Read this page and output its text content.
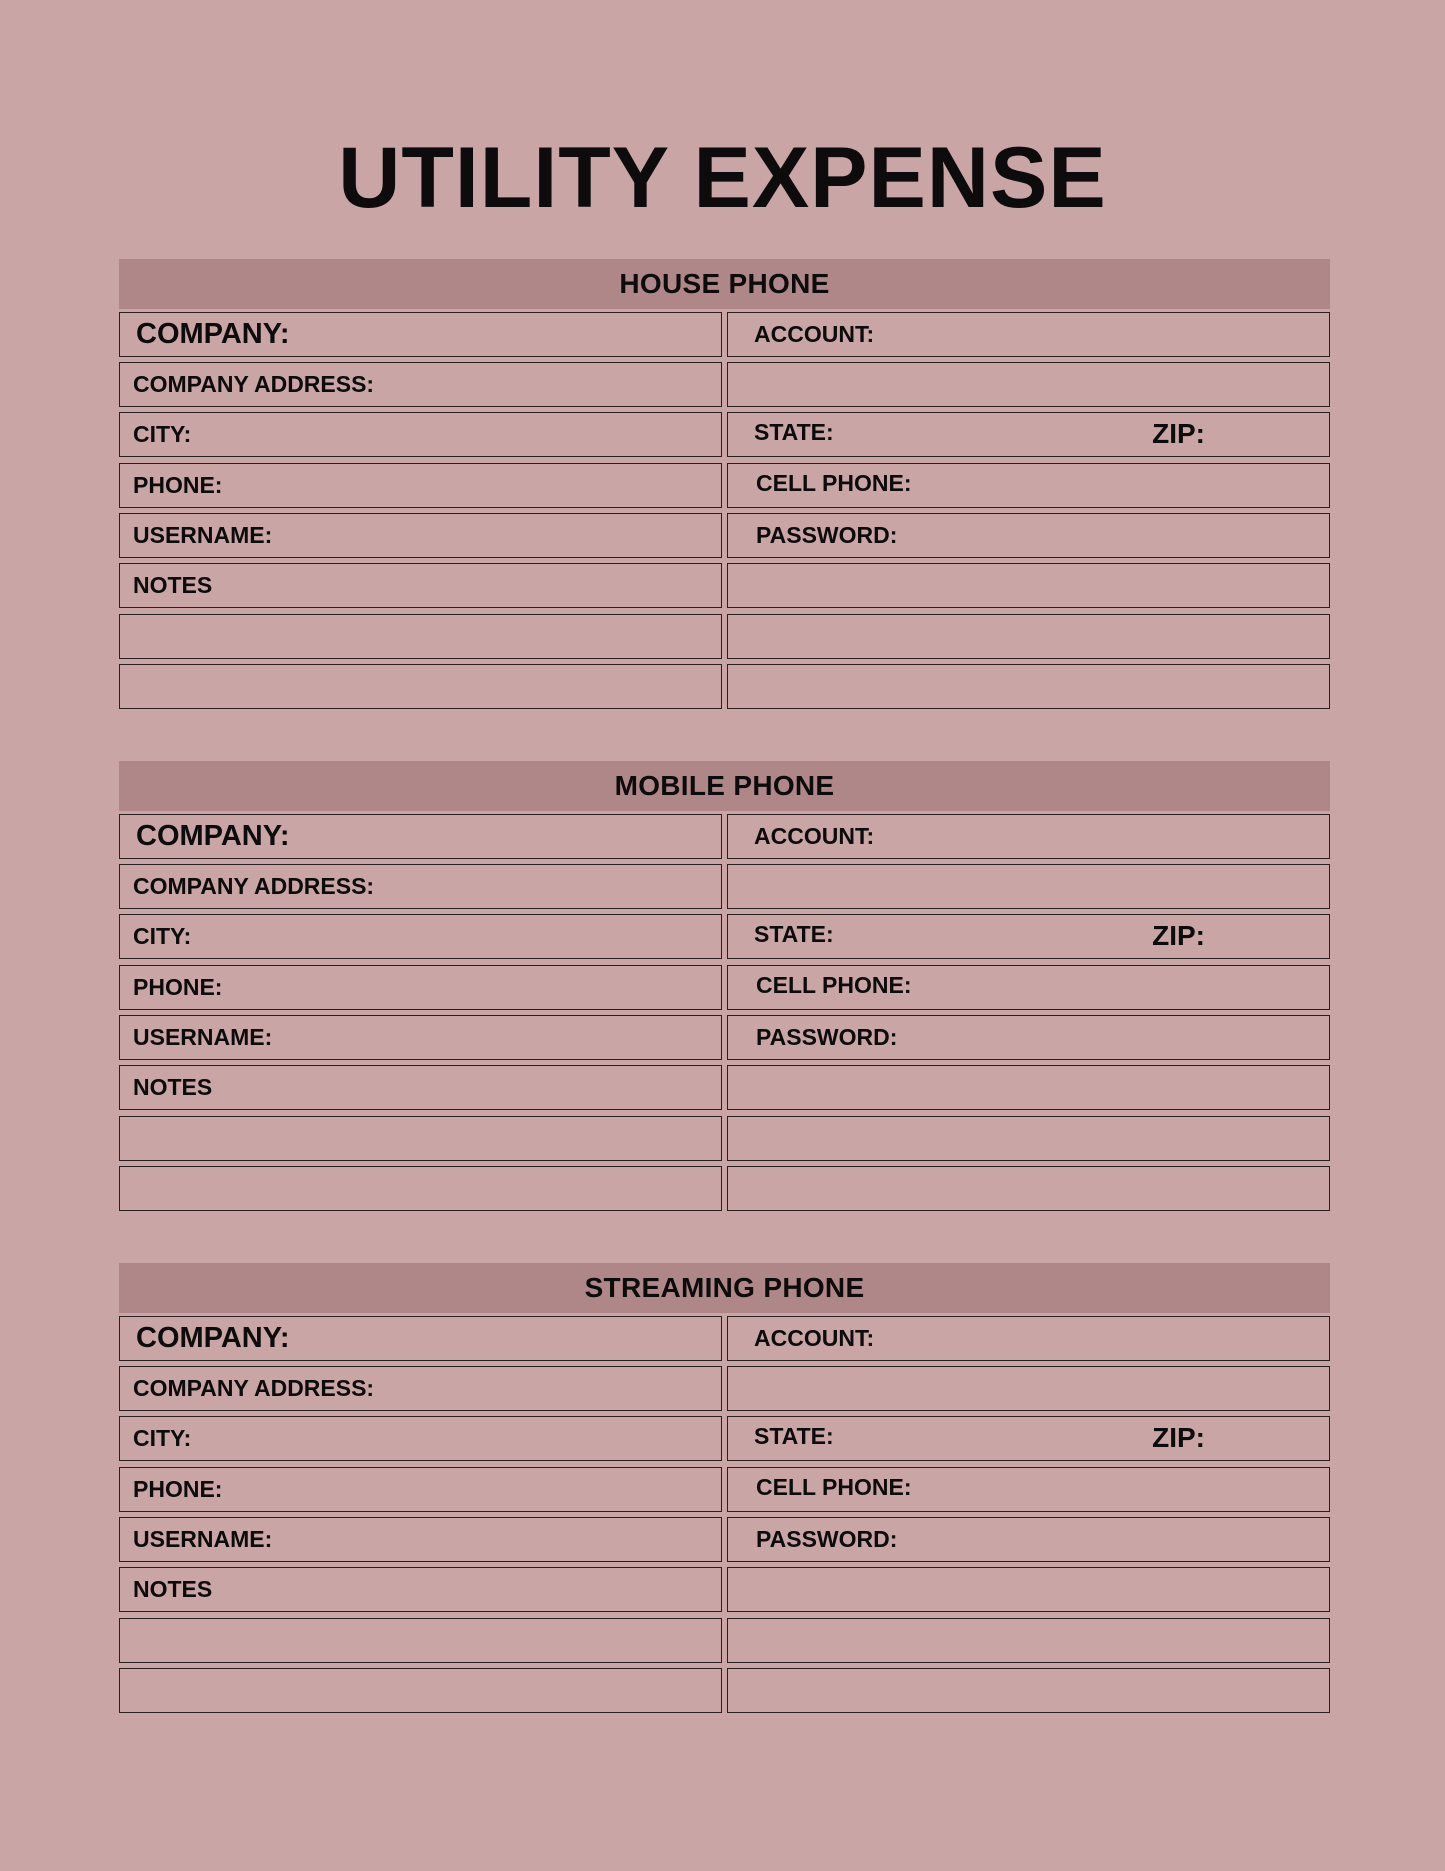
UTILITY EXPENSE
HOUSE PHONE
COMPANY:	ACCOUNT:
COMPANY ADDRESS:
CITY:	STATE:	ZIP:
PHONE:	CELL PHONE:
USERNAME:	PASSWORD:
NOTES
MOBILE PHONE
COMPANY:	ACCOUNT:
COMPANY ADDRESS:
CITY:	STATE:	ZIP:
PHONE:	CELL PHONE:
USERNAME:	PASSWORD:
NOTES
STREAMING PHONE
COMPANY:	ACCOUNT:
COMPANY ADDRESS:
CITY:	STATE:	ZIP:
PHONE:	CELL PHONE:
USERNAME:	PASSWORD:
NOTES
